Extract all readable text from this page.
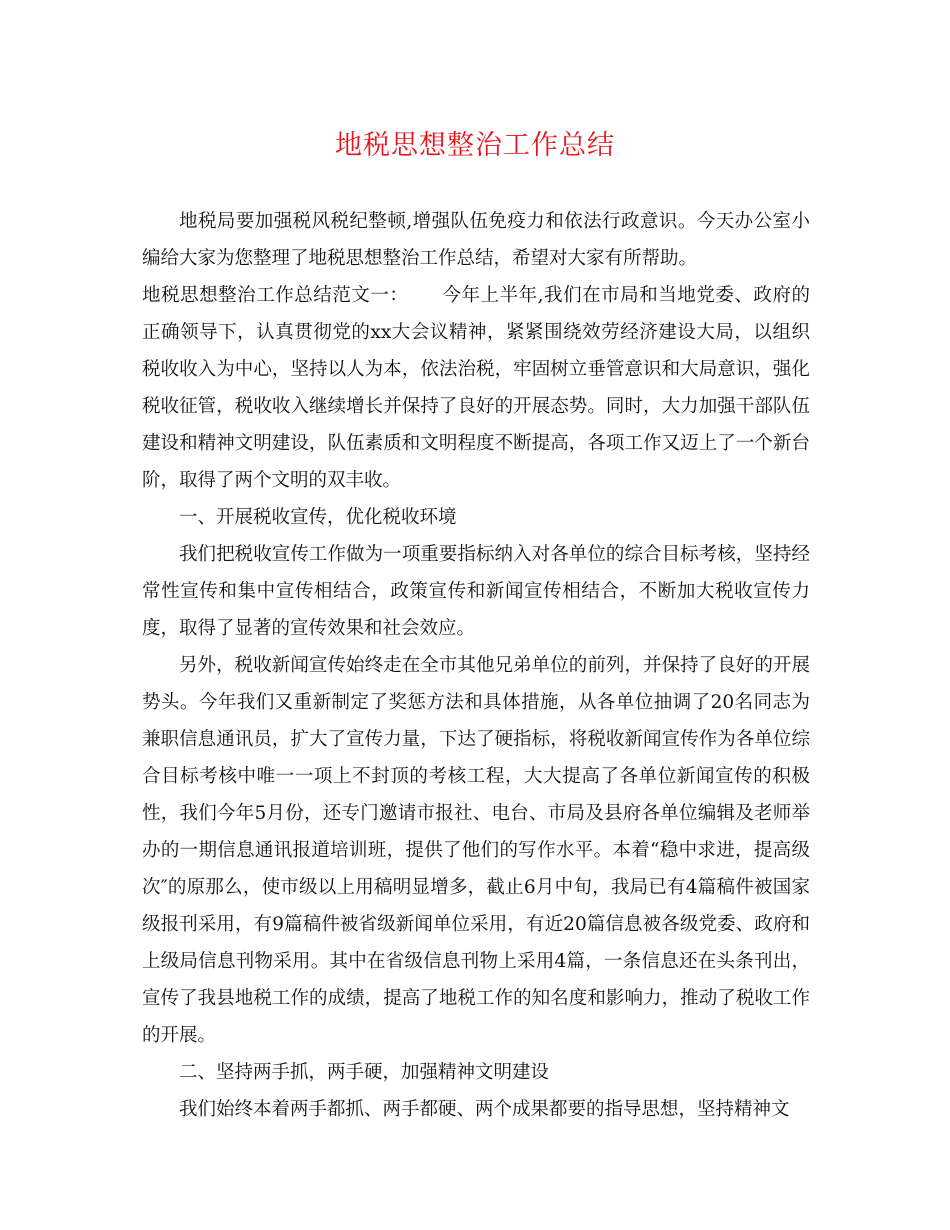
地税思想整治工作总结

地税局要加强税风税纪整顿,增强队伍免疫力和依法行政意识。今天办公室小编给大家为您整理了地税思想整治工作总结，希望对大家有所帮助。

地税思想整治工作总结范文一： 今年上半年,我们在市局和当地党委、政府的正确领导下，认真贯彻党的xx大会议精神，紧紧围绕效劳经济建设大局，以组织税收收入为中心，坚持以人为本，依法治税，牢固树立垂管意识和大局意识，强化税收征管，税收收入继续增长并保持了良好的开展态势。同时，大力加强干部队伍建设和精神文明建设，队伍素质和文明程度不断提高，各项工作又迈上了一个新台阶，取得了两个文明的双丰收。

一、开展税收宣传，优化税收环境

我们把税收宣传工作做为一项重要指标纳入对各单位的综合目标考核，坚持经常性宣传和集中宣传相结合，政策宣传和新闻宣传相结合，不断加大税收宣传力度，取得了显著的宣传效果和社会效应。

另外，税收新闻宣传始终走在全市其他兄弟单位的前列，并保持了良好的开展势头。今年我们又重新制定了奖惩方法和具体措施，从各单位抽调了20名同志为兼职信息通讯员，扩大了宣传力量，下达了硬指标，将税收新闻宣传作为各单位综合目标考核中唯一一项上不封顶的考核工程，大大提高了各单位新闻宣传的积极性，我们今年5月份，还专门邀请市报社、电台、市局及县府各单位编辑及老师举办的一期信息通讯报道培训班，提供了他们的写作水平。本着“稳中求进，提高级次″的原那么，使市级以上用稿明显增多，截止6月中旬，我局已有4篇稿件被国家级报刊采用，有9篇稿件被省级新闻单位采用，有近20篇信息被各级党委、政府和上级局信息刊物采用。其中在省级信息刊物上采用4篇，一条信息还在头条刊出，宣传了我县地税工作的成绩，提高了地税工作的知名度和影响力，推动了税收工作的开展。

二、坚持两手抓，两手硬，加强精神文明建设

我们始终本着两手都抓、两手都硬、两个成果都要的指导思想，坚持精神文
